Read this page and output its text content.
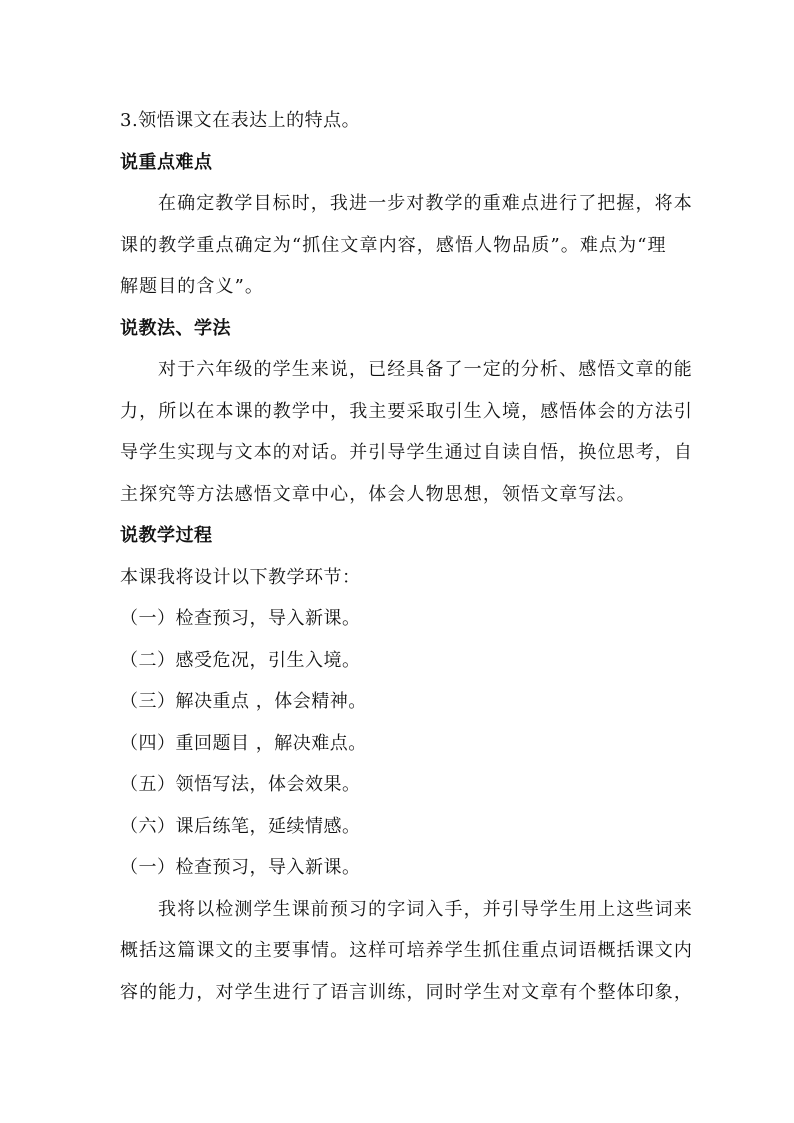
3.领悟课文在表达上的特点。
说重点难点
在确定教学目标时，我进一步对教学的重难点进行了把握，将本
课的教学重点确定为“抓住文章内容，感悟人物品质”。难点为“理
解题目的含义”。
说教法、学法
对于六年级的学生来说，已经具备了一定的分析、感悟文章的能
力，所以在本课的教学中，我主要采取引生入境，感悟体会的方法引
导学生实现与文本的对话。并引导学生通过自读自悟，换位思考，自
主探究等方法感悟文章中心，体会人物思想，领悟文章写法。
说教学过程
本课我将设计以下教学环节：
（一）检查预习，导入新课。
（二）感受危况，引生入境。
（三）解决重点 ，体会精神。
（四）重回题目 ，解决难点。
（五）领悟写法，体会效果。
（六）课后练笔，延续情感。
（一）检查预习，导入新课。
我将以检测学生课前预习的字词入手，并引导学生用上这些词来
概括这篇课文的主要事情。这样可培养学生抓住重点词语概括课文内
容的能力，对学生进行了语言训练，同时学生对文章有个整体印象，
